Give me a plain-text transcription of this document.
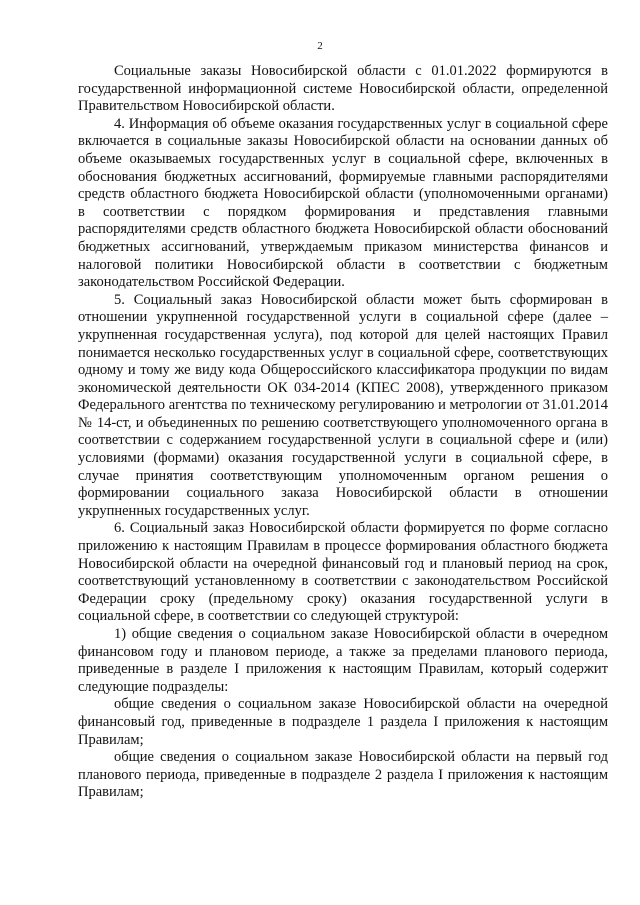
2

Социальные заказы Новосибирской области с 01.01.2022 формируются в государственной информационной системе Новосибирской области, определенной Правительством Новосибирской области.

4. Информация об объеме оказания государственных услуг в социальной сфере включается в социальные заказы Новосибирской области на основании данных об объеме оказываемых государственных услуг в социальной сфере, включенных в обоснования бюджетных ассигнований, формируемые главными распорядителями средств областного бюджета Новосибирской области (уполномоченными органами) в соответствии с порядком формирования и представления главными распорядителями средств областного бюджета Новосибирской области обоснований бюджетных ассигнований, утверждаемым приказом министерства финансов и налоговой политики Новосибирской области в соответствии с бюджетным законодательством Российской Федерации.

5. Социальный заказ Новосибирской области может быть сформирован в отношении укрупненной государственной услуги в социальной сфере (далее – укрупненная государственная услуга), под которой для целей настоящих Правил понимается несколько государственных услуг в социальной сфере, соответствующих одному и тому же виду кода Общероссийского классификатора продукции по видам экономической деятельности ОК 034-2014 (КПЕС 2008), утвержденного приказом Федерального агентства по техническому регулированию и метрологии от 31.01.2014 № 14-ст, и объединенных по решению соответствующего уполномоченного органа в соответствии с содержанием государственной услуги в социальной сфере и (или) условиями (формами) оказания государственной услуги в социальной сфере, в случае принятия соответствующим уполномоченным органом решения о формировании социального заказа Новосибирской области в отношении укрупненных государственных услуг.

6. Социальный заказ Новосибирской области формируется по форме согласно приложению к настоящим Правилам в процессе формирования областного бюджета Новосибирской области на очередной финансовый год и плановый период на срок, соответствующий установленному в соответствии с законодательством Российской Федерации сроку (предельному сроку) оказания государственной услуги в социальной сфере, в соответствии со следующей структурой:

1) общие сведения о социальном заказе Новосибирской области в очередном финансовом году и плановом периоде, а также за пределами планового периода, приведенные в разделе I приложения к настоящим Правилам, который содержит следующие подразделы:

общие сведения о социальном заказе Новосибирской области на очередной финансовый год, приведенные в подразделе 1 раздела I приложения к настоящим Правилам;

общие сведения о социальном заказе Новосибирской области на первый год планового периода, приведенные в подразделе 2 раздела I приложения к настоящим Правилам;
